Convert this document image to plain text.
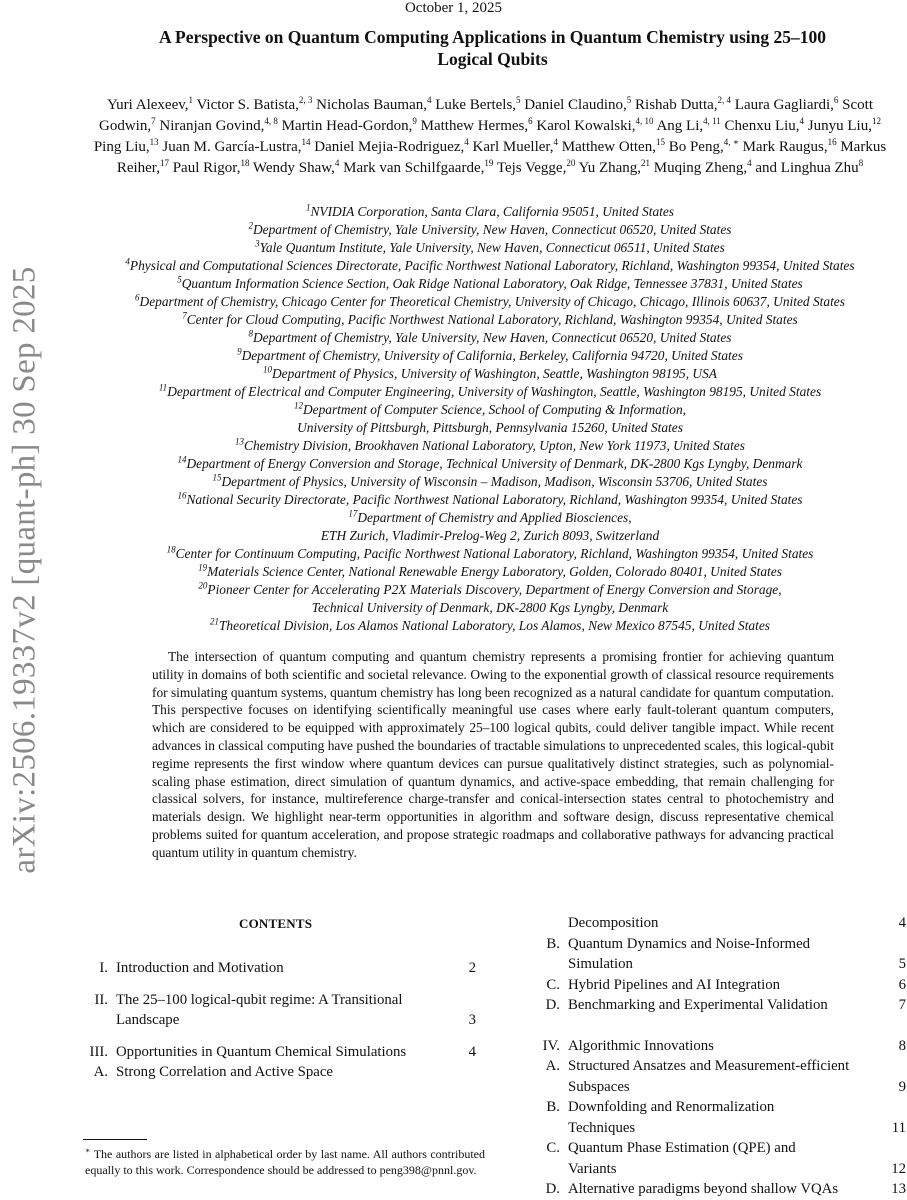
arXiv:2506.19337v2 [quant-ph] 30 Sep 2025
October 1, 2025
A Perspective on Quantum Computing Applications in Quantum Chemistry using 25–100
Logical Qubits
Yuri Alexeev,$^1$ Victor S. Batista,$^{2, 3}$ Nicholas Bauman,$^4$ Luke Bertels,$^5$ Daniel Claudino,$^5$ Rishab Dutta,$^{2, 4}$ Laura Gagliardi,$^6$ Scott Godwin,$^7$ Niranjan Govind,$^{4, 8}$ Martin Head-Gordon,$^9$ Matthew Hermes,$^6$ Karol Kowalski,$^{4, 10}$ Ang Li,$^{4, 11}$ Chenxu Liu,$^4$ Junyu Liu,$^{12}$ Ping Liu,$^{13}$ Juan M. García-Lustra,$^{14}$ Daniel Mejia-Rodriguez,$^4$ Karl Mueller,$^4$ Matthew Otten,$^{15}$ Bo Peng,$^{4, ∗}$ Mark Raugus,$^{16}$ Markus Reiher,$^{17}$ Paul Rigor,$^{18}$ Wendy Shaw,$^4$ Mark van Schilfgaarde,$^{19}$ Tejs Vegge,$^{20}$ Yu Zhang,$^{21}$ Muqing Zheng,$^4$ and Linghua Zhu$^8$
$^1$NVIDIA Corporation, Santa Clara, California 95051, United States
$^2$Department of Chemistry, Yale University, New Haven, Connecticut 06520, United States
$^3$Yale Quantum Institute, Yale University, New Haven, Connecticut 06511, United States
$^4$Physical and Computational Sciences Directorate, Pacific Northwest National Laboratory, Richland, Washington 99354, United States
$^5$Quantum Information Science Section, Oak Ridge National Laboratory, Oak Ridge, Tennessee 37831, United States
$^6$Department of Chemistry, Chicago Center for Theoretical Chemistry, University of Chicago, Chicago, Illinois 60637, United States
$^7$Center for Cloud Computing, Pacific Northwest National Laboratory, Richland, Washington 99354, United States
$^8$Department of Chemistry, Yale University, New Haven, Connecticut 06520, United States
$^9$Department of Chemistry, University of California, Berkeley, California 94720, United States
$^{10}$Department of Physics, University of Washington, Seattle, Washington 98195, USA
$^{11}$Department of Electrical and Computer Engineering, University of Washington, Seattle, Washington 98195, United States
$^{12}$Department of Computer Science, School of Computing & Information,
University of Pittsburgh, Pittsburgh, Pennsylvania 15260, United States
$^{13}$Chemistry Division, Brookhaven National Laboratory, Upton, New York 11973, United States
$^{14}$Department of Energy Conversion and Storage, Technical University of Denmark, DK-2800 Kgs Lyngby, Denmark
$^{15}$Department of Physics, University of Wisconsin – Madison, Madison, Wisconsin 53706, United States
$^{16}$National Security Directorate, Pacific Northwest National Laboratory, Richland, Washington 99354, United States
$^{17}$Department of Chemistry and Applied Biosciences,
ETH Zurich, Vladimir-Prelog-Weg 2, Zurich 8093, Switzerland
$^{18}$Center for Continuum Computing, Pacific Northwest National Laboratory, Richland, Washington 99354, United States
$^{19}$Materials Science Center, National Renewable Energy Laboratory, Golden, Colorado 80401, United States
$^{20}$Pioneer Center for Accelerating P2X Materials Discovery, Department of Energy Conversion and Storage,
Technical University of Denmark, DK-2800 Kgs Lyngby, Denmark
$^{21}$Theoretical Division, Los Alamos National Laboratory, Los Alamos, New Mexico 87545, United States
The intersection of quantum computing and quantum chemistry represents a promising frontier for achieving quantum utility in domains of both scientific and societal relevance. Owing to the exponential growth of classical resource requirements for simulating quantum systems, quantum chemistry has long been recognized as a natural candidate for quantum computation. This perspective focuses on identifying scientifically meaningful use cases where early fault-tolerant quantum computers, which are considered to be equipped with approximately 25–100 logical qubits, could deliver tangible impact. While recent advances in classical computing have pushed the boundaries of tractable simulations to unprecedented scales, this logical-qubit regime represents the first window where quantum devices can pursue qualitatively distinct strategies, such as polynomial-scaling phase estimation, direct simulation of quantum dynamics, and active-space embedding, that remain challenging for classical solvers, for instance, multireference charge-transfer and conical-intersection states central to photochemistry and materials design. We highlight near-term opportunities in algorithm and software design, discuss representative chemical problems suited for quantum acceleration, and propose strategic roadmaps and collaborative pathways for advancing practical quantum utility in quantum chemistry.
CONTENTS
I. Introduction and Motivation	2
II. The 25–100 logical-qubit regime: A Transitional
Landscape	3
III. Opportunities in Quantum Chemical Simulations	4
A. Strong Correlation and Active Space
Decomposition	4
B. Quantum Dynamics and Noise-Informed
Simulation	5
C. Hybrid Pipelines and AI Integration	6
D. Benchmarking and Experimental Validation	7
IV. Algorithmic Innovations	8
A. Structured Ansatzes and Measurement-efficient
Subspaces	9
B. Downfolding and Renormalization
Techniques	11
C. Quantum Phase Estimation (QPE) and
Variants	12
D. Alternative paradigms beyond shallow VQAs	13
∗ The authors are listed in alphabetical order by last name. All authors contributed equally to this work. Correspondence should be addressed to peng398@pnnl.gov.
